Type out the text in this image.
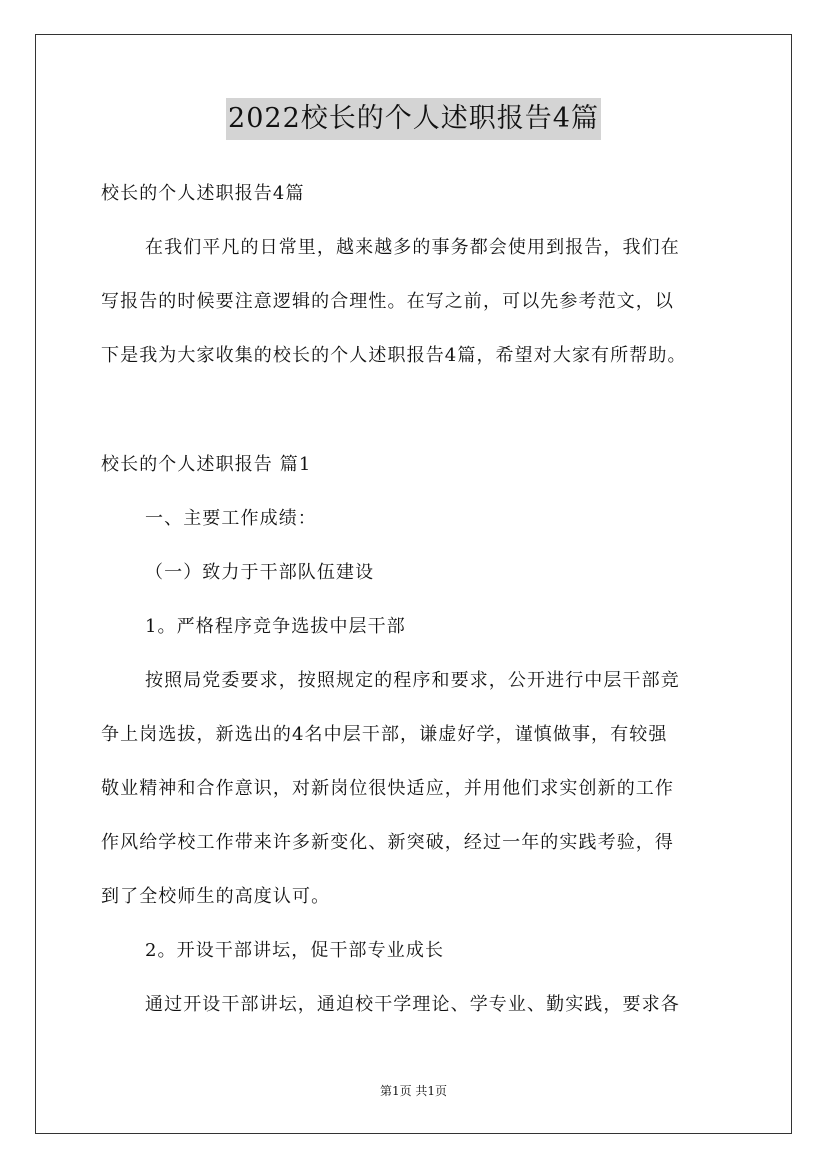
2022校长的个人述职报告4篇
校长的个人述职报告4篇
在我们平凡的日常里，越来越多的事务都会使用到报告，我们在
写报告的时候要注意逻辑的合理性。在写之前，可以先参考范文，以
下是我为大家收集的校长的个人述职报告4篇，希望对大家有所帮助。
校长的个人述职报告 篇1
一、主要工作成绩：
（一）致力于干部队伍建设
1。严格程序竞争选拔中层干部
按照局党委要求，按照规定的程序和要求，公开进行中层干部竞
争上岗选拔，新选出的4名中层干部，谦虚好学，谨慎做事，有较强
敬业精神和合作意识，对新岗位很快适应，并用他们求实创新的工作
作风给学校工作带来许多新变化、新突破，经过一年的实践考验，得
到了全校师生的高度认可。
2。开设干部讲坛，促干部专业成长
通过开设干部讲坛，通迫校干学理论、学专业、勤实践，要求各
第1页 共1页
